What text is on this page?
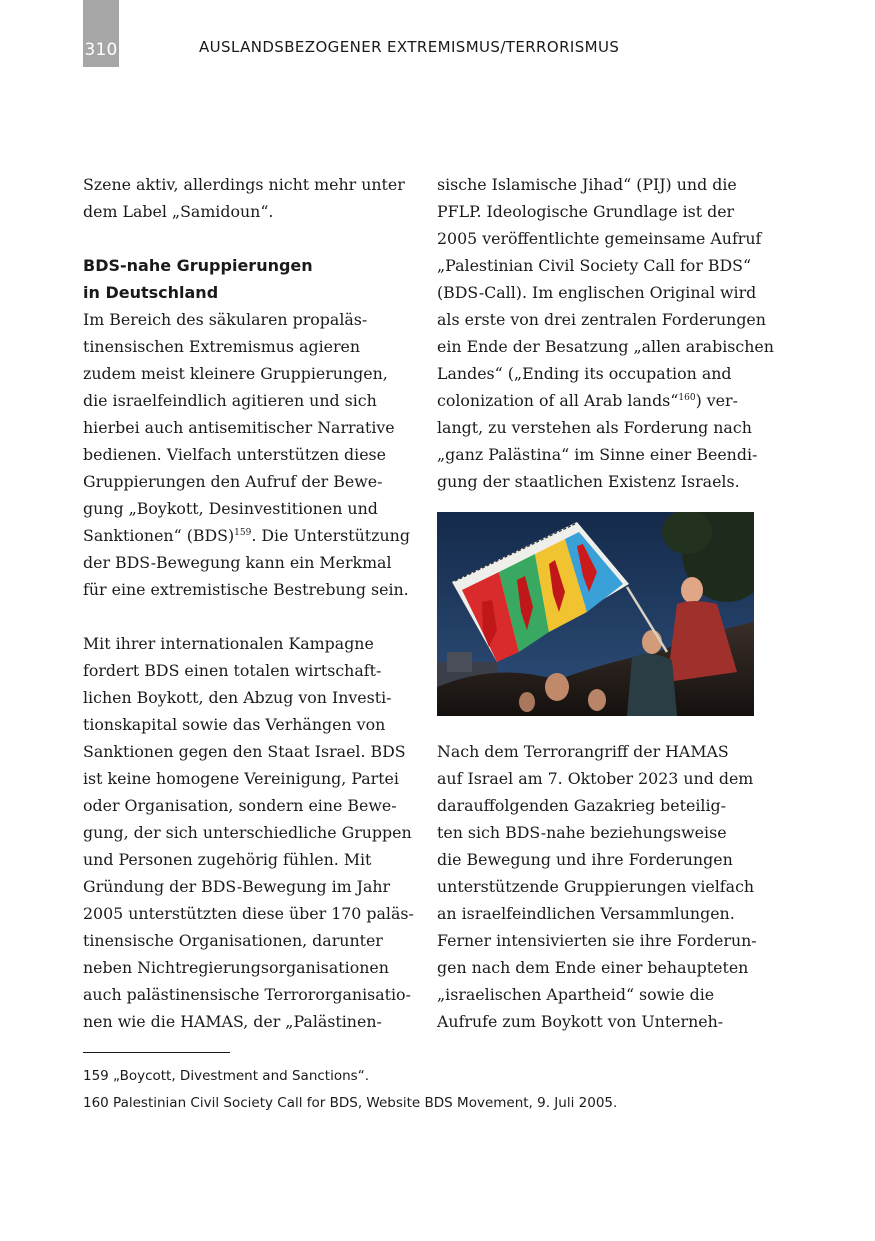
310	AUSLANDSBEZOGENER EXTREMISMUS/TERRORISMUS
Szene aktiv, allerdings nicht mehr unter
dem Label „Samidoun“.
BDS-nahe Gruppierungen
in Deutschland
Im Bereich des säkularen propaläs-
tinensischen Extremismus agieren
zudem meist kleinere Gruppierungen,
die israelfeindlich agitieren und sich
hierbei auch antisemitischer Narrative
bedienen. Vielfach unterstützen diese
Gruppierungen den Aufruf der Bewe-
gung „Boykott, Desinvestitionen und
Sanktionen“ (BDS)$^{159}$. Die Unterstützung
der BDS-Bewegung kann ein Merkmal
für eine extremistische Bestrebung sein.
Mit ihrer internationalen Kampagne
fordert BDS einen totalen wirtschaft-
lichen Boykott, den Abzug von Investi-
tionskapital sowie das Verhängen von
Sanktionen gegen den Staat Israel. BDS
ist keine homogene Vereinigung, Partei
oder Organisation, sondern eine Bewe-
gung, der sich unterschiedliche Gruppen
und Personen zugehörig fühlen. Mit
Gründung der BDS-Bewegung im Jahr
2005 unterstützten diese über 170 paläs-
tinensische Organisationen, darunter
neben Nichtregierungsorganisationen
auch palästinensische Terrororganisatio-
nen wie die HAMAS, der „Palästinen-
sische Islamische Jihad“ (PIJ) und die
PFLP. Ideologische Grundlage ist der
2005 veröffentlichte gemeinsame Aufruf
„Palestinian Civil Society Call for BDS“
(BDS-Call). Im englischen Original wird
als erste von drei zentralen Forderungen
ein Ende der Besatzung „allen arabischen
Landes“ („Ending its occupation and
colonization of all Arab lands“$^{160}$) ver-
langt, zu verstehen als Forderung nach
„ganz Palästina“ im Sinne einer Beendi-
gung der staatlichen Existenz Israels.
Nach dem Terrorangriff der HAMAS
auf Israel am 7. Oktober 2023 und dem
darauffolgenden Gazakrieg beteilig-
ten sich BDS-nahe beziehungsweise
die Bewegung und ihre Forderungen
unterstützende Gruppierungen vielfach
an israelfeindlichen Versammlungen.
Ferner intensivierten sie ihre Forderun-
gen nach dem Ende einer behaupteten
„israelischen Apartheid“ sowie die
Aufrufe zum Boykott von Unterneh-
159 „Boycott, Divestment and Sanctions“.
160 Palestinian Civil Society Call for BDS, Website BDS Movement, 9. Juli 2005.
